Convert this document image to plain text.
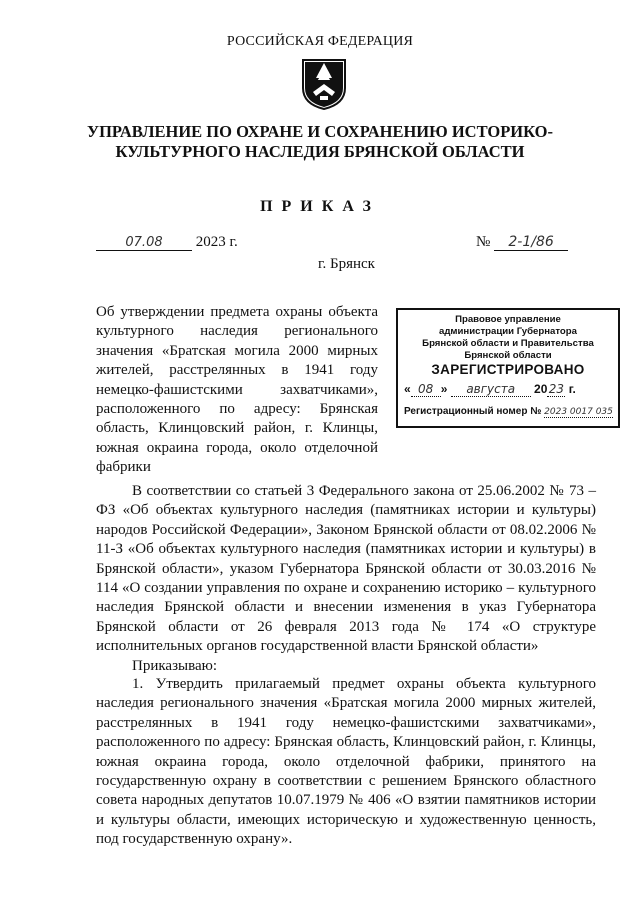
РОССИЙСКАЯ ФЕДЕРАЦИЯ
УПРАВЛЕНИЕ ПО ОХРАНЕ И СОХРАНЕНИЮ ИСТОРИКО-КУЛЬТУРНОГО НАСЛЕДИЯ БРЯНСКОЙ ОБЛАСТИ
ПРИКАЗ
07.08 2023 г.	№ 2-1/86
г. Брянск
Об утверждении предмета охраны объекта культурного наследия регионального значения «Братская могила 2000 мирных жителей, расстрелянных в 1941 году немецко-фашистскими захватчиками», расположенного по адресу: Брянская область, Клинцовский район, г. Клинцы, южная окраина города, около отделочной фабрики
Правовое управление
администрации Губернатора
Брянской области и Правительства
Брянской области
ЗАРЕГИСТРИРОВАНО
« 08 » августа 2023 г.
Регистрационный номер № 2023 0017 035
В соответствии со статьей 3 Федерального закона от 25.06.2002 № 73 – ФЗ «Об объектах культурного наследия (памятниках истории и культуры) народов Российской Федерации», Законом Брянской области от 08.02.2006 № 11-З «Об объектах культурного наследия (памятниках истории и культуры) в Брянской области», указом Губернатора Брянской области от 30.03.2016 № 114 «О создании управления по охране и сохранению историко – культурного наследия Брянской области и внесении изменения в указ Губернатора Брянской области от 26 февраля 2013 года № 174 «О структуре исполнительных органов государственной власти Брянской области»
Приказываю:
1. Утвердить прилагаемый предмет охраны объекта культурного наследия регионального значения «Братская могила 2000 мирных жителей, расстрелянных в 1941 году немецко-фашистскими захватчиками», расположенного по адресу: Брянская область, Клинцовский район, г. Клинцы, южная окраина города, около отделочной фабрики, принятого на государственную охрану в соответствии с решением Брянского областного совета народных депутатов 10.07.1979 № 406 «О взятии памятников истории и культуры области, имеющих историческую и художественную ценность, под государственную охрану».
